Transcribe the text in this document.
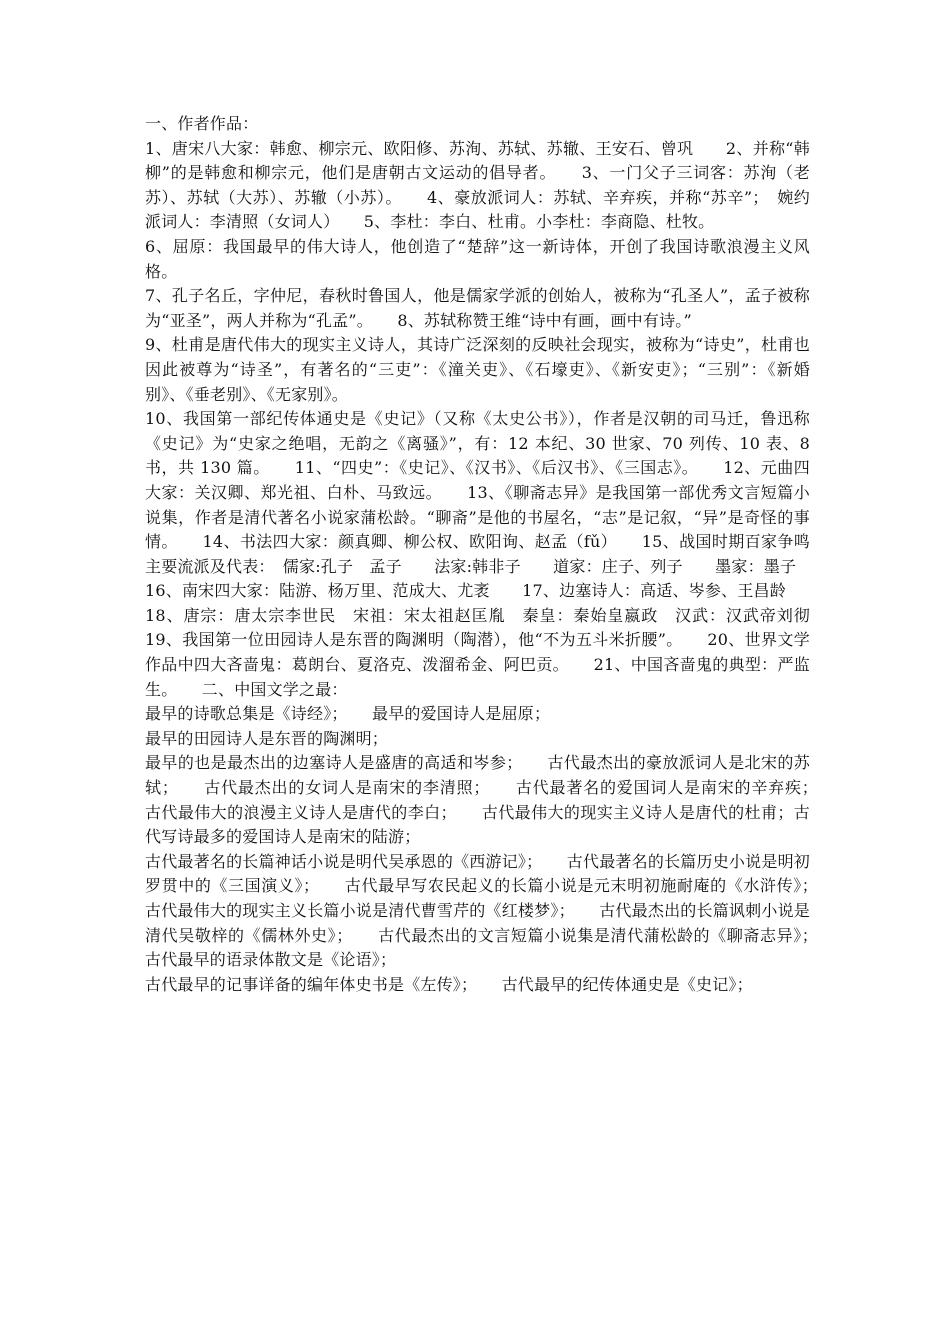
一、作者作品：

1、唐宋八大家：韩愈、柳宗元、欧阳修、苏洵、苏轼、苏辙、王安石、曾巩　　2、并称“韩柳”的是韩愈和柳宗元，他们是唐朝古文运动的倡导者。　　3、一门父子三词客：苏洵（老苏）、苏轼（大苏）、苏辙（小苏）。　　4、豪放派词人：苏轼、辛弃疾，并称“苏辛”；　婉约派词人：李清照（女词人）　　5、李杜：李白、杜甫。小李杜：李商隐、杜牧。

6、屈原：我国最早的伟大诗人，他创造了“楚辞”这一新诗体，开创了我国诗歌浪漫主义风格。

7、孔子名丘，字仲尼，春秋时鲁国人，他是儒家学派的创始人，被称为“孔圣人”，孟子被称为“亚圣”，两人并称为“孔孟”。　　8、苏轼称赞王维“诗中有画，画中有诗。”

9、杜甫是唐代伟大的现实主义诗人，其诗广泛深刻的反映社会现实，被称为“诗史”，杜甫也因此被尊为“诗圣”，有著名的“三吏”：《潼关吏》、《石壕吏》、《新安吏》；“三别”：《新婚别》、《垂老别》、《无家别》。

10、我国第一部纪传体通史是《史记》（又称《太史公书》），作者是汉朝的司马迁，鲁迅称《史记》为“史家之绝唱，无韵之《离骚》”，有：12 本纪、30 世家、70 列传、10 表、8 书，共 130 篇。　　11、“四史”：《史记》、《汉书》、《后汉书》、《三国志》。　　12、元曲四大家：关汉卿、郑光祖、白朴、马致远。　　13、《聊斋志异》是我国第一部优秀文言短篇小说集，作者是清代著名小说家蒲松龄。“聊斋”是他的书屋名，“志”是记叙，“异”是奇怪的事情。　　14、书法四大家：颜真卿、柳公权、欧阳询、赵孟（fǔ）　　15、战国时期百家争鸣主要流派及代表：　儒家:孔子　孟子　　法家:韩非子　　道家：庄子、列子　　墨家：墨子

16、南宋四大家：陆游、杨万里、范成大、尤袤　　17、边塞诗人：高适、岑参、王昌龄

18、唐宗：唐太宗李世民　宋祖：宋太祖赵匡胤　秦皇：秦始皇嬴政　汉武：汉武帝刘彻　　19、我国第一位田园诗人是东晋的陶渊明（陶潜），他“不为五斗米折腰”。　　20、世界文学作品中四大吝啬鬼：葛朗台、夏洛克、泼溜希金、阿巴贡。　　21、中国吝啬鬼的典型：严监生。　　二、中国文学之最：

最早的诗歌总集是《诗经》；　　最早的爱国诗人是屈原；

最早的田园诗人是东晋的陶渊明；

最早的也是最杰出的边塞诗人是盛唐的高适和岑参；　　古代最杰出的豪放派词人是北宋的苏轼；　　古代最杰出的女词人是南宋的李清照；　　古代最著名的爱国词人是南宋的辛弃疾；　　古代最伟大的浪漫主义诗人是唐代的李白；　　古代最伟大的现实主义诗人是唐代的杜甫；古代写诗最多的爱国诗人是南宋的陆游；

古代最著名的长篇神话小说是明代吴承恩的《西游记》；　　古代最著名的长篇历史小说是明初罗贯中的《三国演义》；　　古代最早写农民起义的长篇小说是元末明初施耐庵的《水浒传》；　　古代最伟大的现实主义长篇小说是清代曹雪芹的《红楼梦》；　　古代最杰出的长篇讽刺小说是清代吴敬梓的《儒林外史》；　　古代最杰出的文言短篇小说集是清代蒲松龄的《聊斋志异》；　　古代最早的语录体散文是《论语》；

古代最早的记事详备的编年体史书是《左传》；　　古代最早的纪传体通史是《史记》；
